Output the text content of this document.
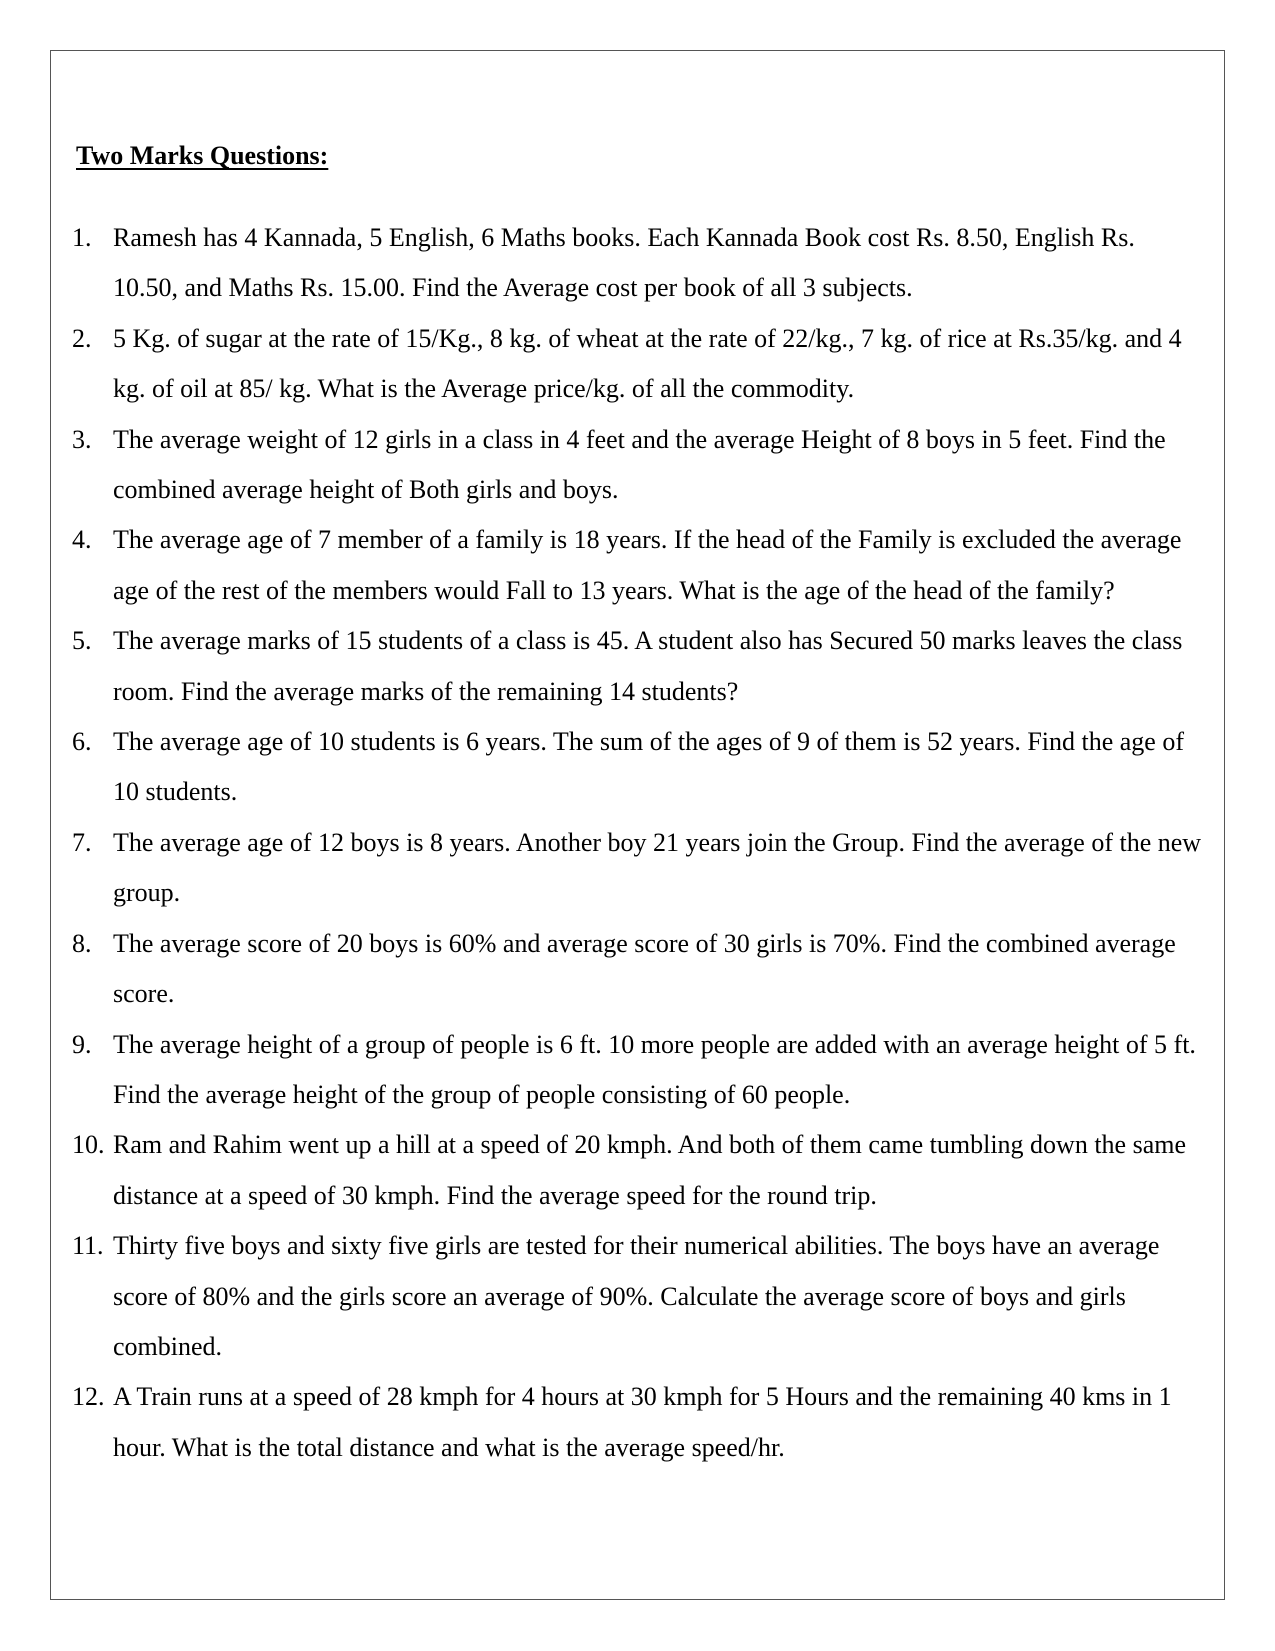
Two Marks Questions:
1. Ramesh has 4 Kannada, 5 English, 6 Maths books. Each Kannada Book cost Rs. 8.50, English Rs. 10.50, and Maths Rs. 15.00. Find the Average cost per book of all 3 subjects.
2. 5 Kg. of sugar at the rate of 15/Kg., 8 kg. of wheat at the rate of 22/kg., 7 kg. of rice at Rs.35/kg. and 4 kg. of oil at 85/ kg. What is the Average price/kg. of all the commodity.
3. The average weight of 12 girls in a class in 4 feet and the average Height of 8 boys in 5 feet. Find the combined average height of Both girls and boys.
4. The average age of 7 member of a family is 18 years. If the head of the Family is excluded the average age of the rest of the members would Fall to 13 years. What is the age of the head of the family?
5. The average marks of 15 students of a class is 45. A student also has Secured 50 marks leaves the class room. Find the average marks of the remaining 14 students?
6. The average age of 10 students is 6 years. The sum of the ages of 9 of them is 52 years. Find the age of 10 students.
7. The average age of 12 boys is 8 years. Another boy 21 years join the Group. Find the average of the new group.
8. The average score of 20 boys is 60% and average score of 30 girls is 70%. Find the combined average score.
9. The average height of a group of people is 6 ft. 10 more people are added with an average height of 5 ft. Find the average height of the group of people consisting of 60 people.
10. Ram and Rahim went up a hill at a speed of 20 kmph. And both of them came tumbling down the same distance at a speed of 30 kmph. Find the average speed for the round trip.
11. Thirty five boys and sixty five girls are tested for their numerical abilities. The boys have an average score of 80% and the girls score an average of 90%. Calculate the average score of boys and girls combined.
12. A Train runs at a speed of 28 kmph for 4 hours at 30 kmph for 5 Hours and the remaining 40 kms in 1 hour. What is the total distance and what is the average speed/hr.
